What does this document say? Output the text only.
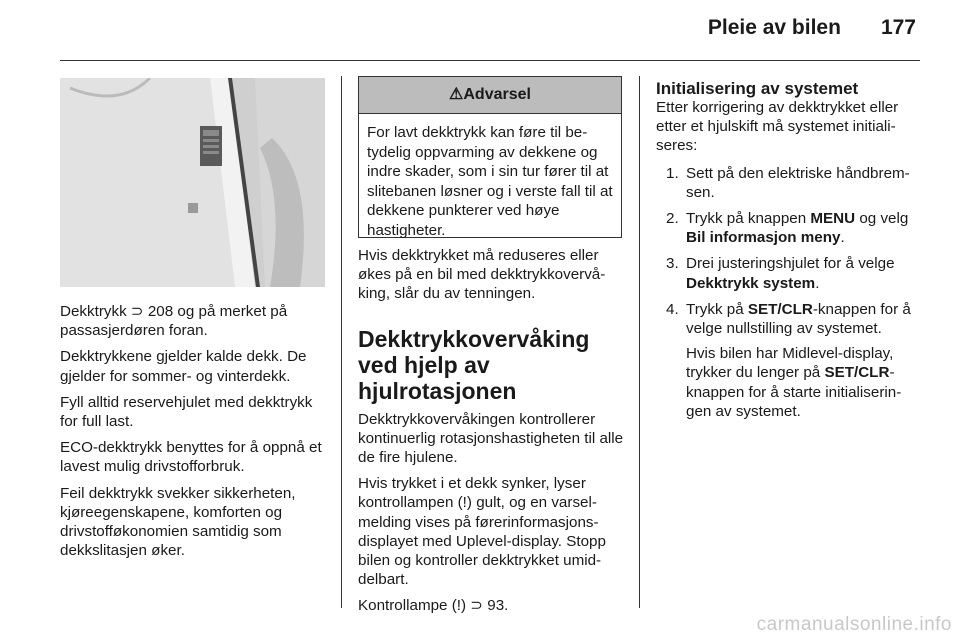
Pleie av bilen 177

Dekktrykk ⊃ 208 og på merket på passasjerdøren foran.

Dekktrykkene gjelder kalde dekk. De gjelder for sommer- og vinterdekk.

Fyll alltid reservehjulet med dekktrykk for full last.

ECO-dekktrykk benyttes for å oppnå et lavest mulig drivstofforbruk.

Feil dekktrykk svekker sikkerheten, kjøreegenskapene, komforten og drivstofføkonomien samtidig som dekkslitasjen øker.

⚠Advarsel
For lavt dekktrykk kan føre til be-tydelig oppvarming av dekkene og indre skader, som i sin tur fører til at slitebanen løsner og i verste fall til at dekkene punkterer ved høye hastigheter.

Hvis dekktrykket må reduseres eller økes på en bil med dekktrykkovervå-king, slår du av tenningen.

Dekktrykkovervåking ved hjelp av hjulrotasjonen

Dekktrykkovervåkingen kontrollerer kontinuerlig rotasjonshastigheten til alle de fire hjulene.

Hvis trykket i et dekk synker, lyser kontrollampen (!) gult, og en varsel-melding vises på førerinformasjons-displayet med Uplevel-display. Stopp bilen og kontroller dekktrykket umid-delbart.

Kontrollampe (!) ⊃ 93.

Initialisering av systemet

Etter korrigering av dekktrykket eller etter et hjulskift må systemet initiali-seres:

1. Sett på den elektriske håndbrem-sen.
2. Trykk på knappen MENU og velg Bil informasjon meny.
3. Drei justeringshjulet for å velge Dekktrykk system.
4. Trykk på SET/CLR-knappen for å velge nullstilling av systemet.
Hvis bilen har Midlevel-display, trykker du lenger på SET/CLR-knappen for å starte initialiserin-gen av systemet.
carmanualsonline.info
